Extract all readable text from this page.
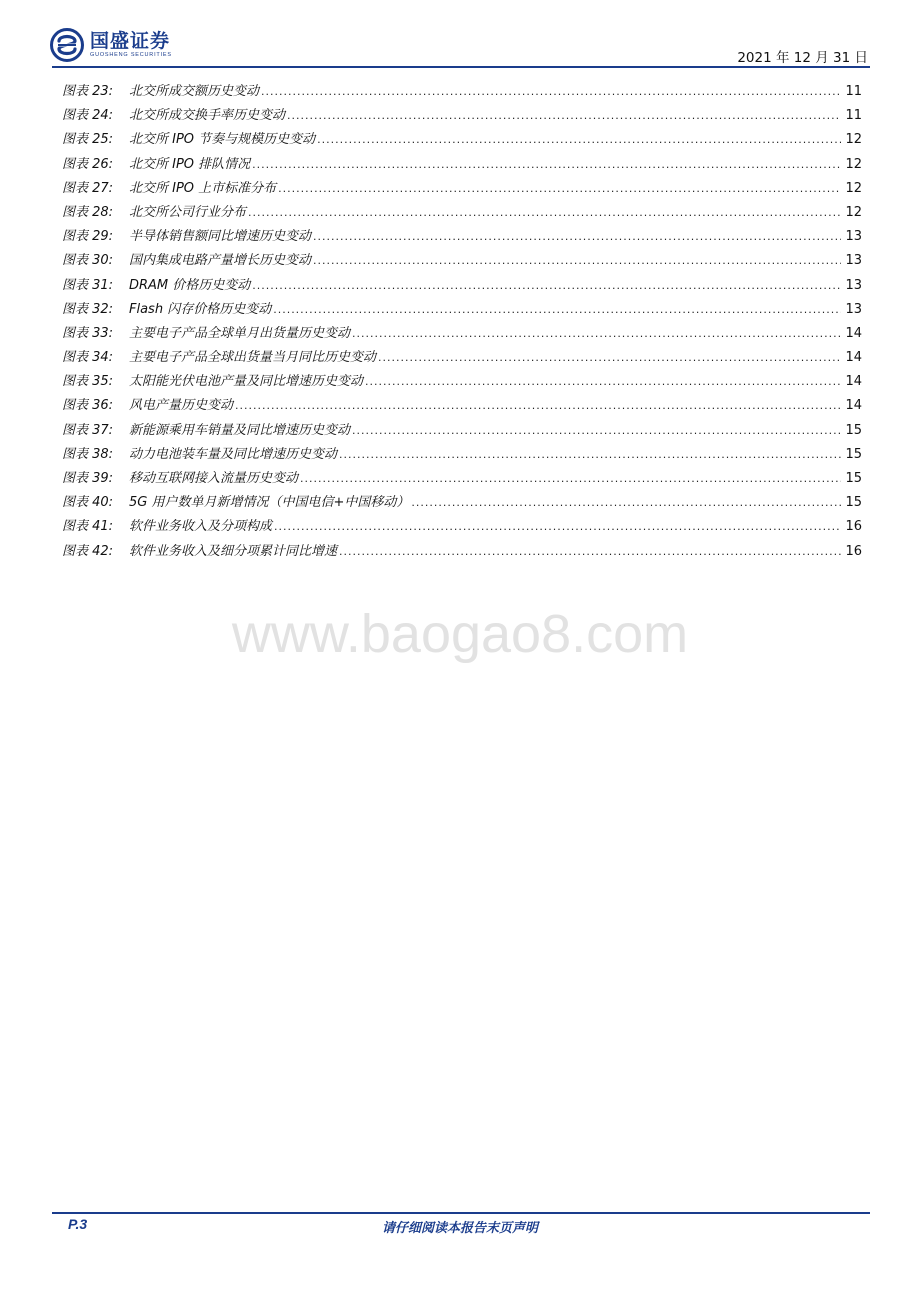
国盛证券
GUOSHENG SECURITIES	2021 年 12 月 31 日
图表 23:	北交所成交额历史变动 .....	11
图表 24:	北交所成交换手率历史变动 .....	11
图表 25:	北交所 IPO 节奏与规模历史变动 .....	12
图表 26:	北交所 IPO 排队情况 .....	12
图表 27:	北交所 IPO 上市标准分布 .....	12
图表 28:	北交所公司行业分布 .....	12
图表 29:	半导体销售额同比增速历史变动 .....	13
图表 30:	国内集成电路产量增长历史变动 .....	13
图表 31:	DRAM 价格历史变动 .....	13
图表 32:	Flash 闪存价格历史变动 .....	13
图表 33:	主要电子产品全球单月出货量历史变动 .....	14
图表 34:	主要电子产品全球出货量当月同比历史变动 .....	14
图表 35:	太阳能光伏电池产量及同比增速历史变动 .....	14
图表 36:	风电产量历史变动 .....	14
图表 37:	新能源乘用车销量及同比增速历史变动 .....	15
图表 38:	动力电池装车量及同比增速历史变动 .....	15
图表 39:	移动互联网接入流量历史变动 .....	15
图表 40:	5G 用户数单月新增情况（中国电信+中国移动） .....	15
图表 41:	软件业务收入及分项构成 .....	16
图表 42:	软件业务收入及细分项累计同比增速 .....	16
www.baogao8.com
P.3	请仔细阅读本报告末页声明
